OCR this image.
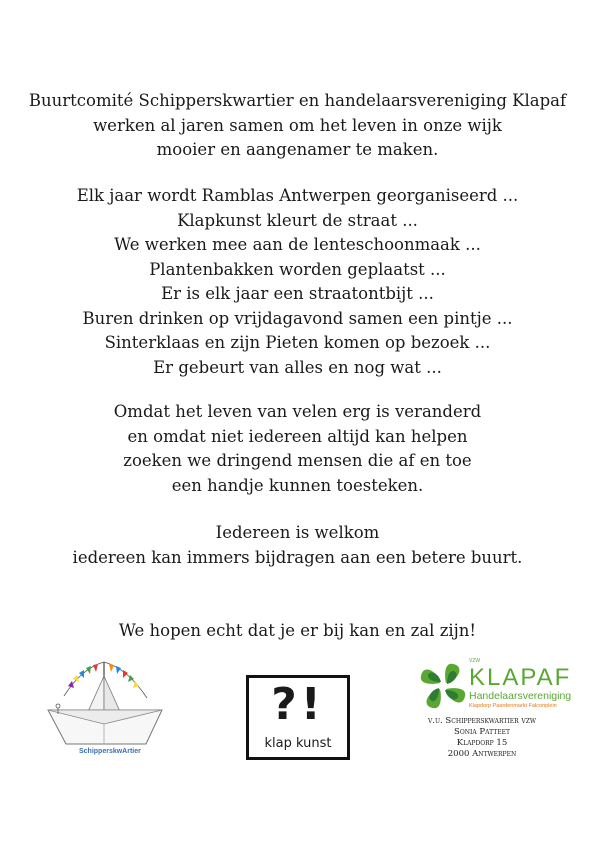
Buurtcomité Schipperskwartier en handelaarsvereniging Klapaf
werken al jaren samen om het leven in onze wijk
mooier en aangenamer te maken.
Elk jaar wordt Ramblas Antwerpen georganiseerd ...
Klapkunst kleurt de straat ...
We werken mee aan de lenteschoonmaak ...
Plantenbakken worden geplaatst ...
Er is elk jaar een straatontbijt ...
Buren drinken op vrijdagavond samen een pintje ...
Sinterklaas en zijn Pieten komen op bezoek ...
Er gebeurt van alles en nog wat ...
Omdat het leven van velen erg is veranderd
en omdat niet iedereen altijd kan helpen
zoeken we dringend mensen die af en toe
een handje kunnen toesteken.
Iedereen is welkom
iedereen kan immers bijdragen aan een betere buurt.
We hopen echt dat je er bij kan en zal zijn!
SchipperskwArtier
?!
klap kunst
VZW
KLAPAF
Handelaarsvereniging
Klapdorp Paardenmarkt Falconplein
v.u. Schipperskwartier vzw
Sonia Patteet
Klapdorp 15
2000 Antwerpen
